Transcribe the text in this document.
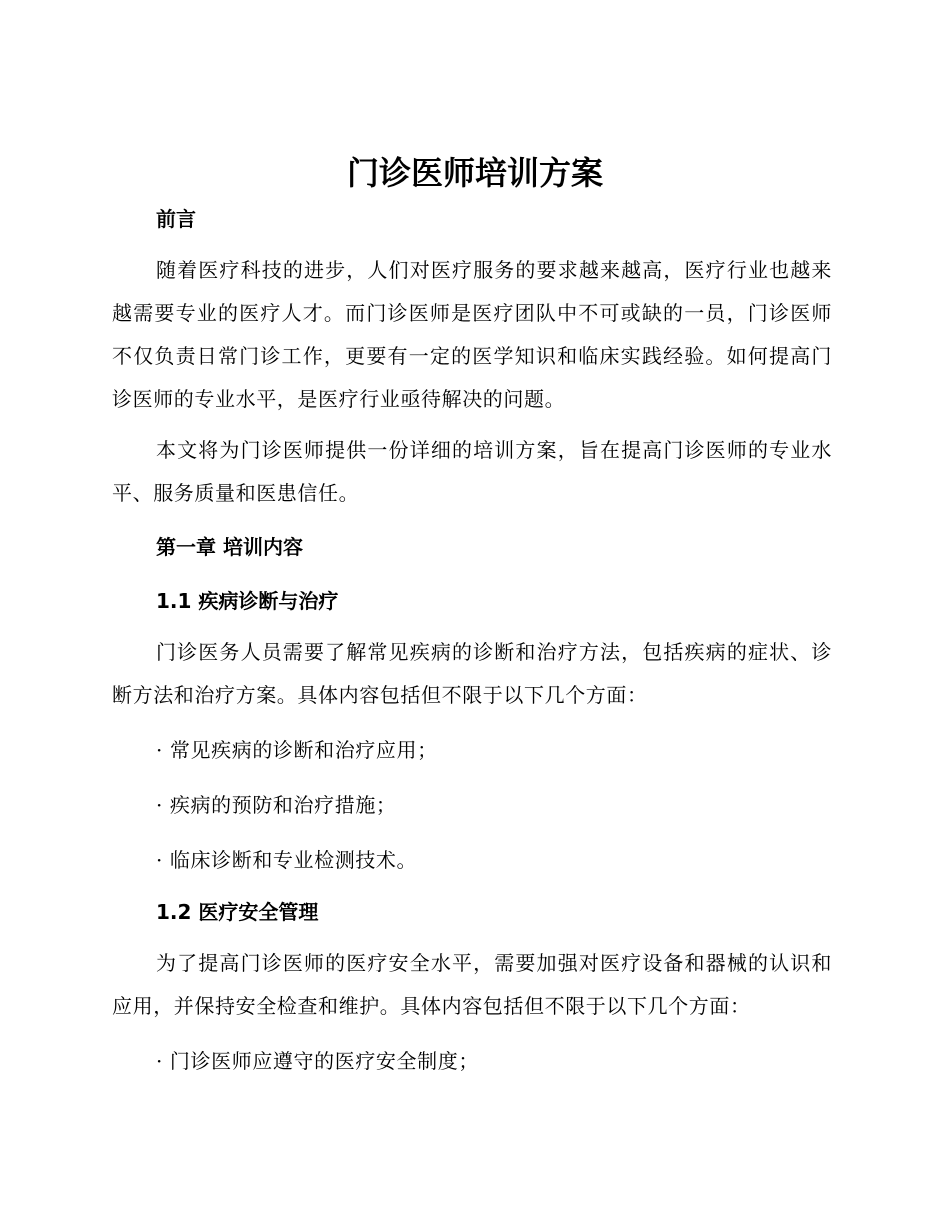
门诊医师培训方案
前言

随着医疗科技的进步，人们对医疗服务的要求越来越高，医疗行业也越来越需要专业的医疗人才。而门诊医师是医疗团队中不可或缺的一员，门诊医师不仅负责日常门诊工作，更要有一定的医学知识和临床实践经验。如何提高门诊医师的专业水平，是医疗行业亟待解决的问题。

本文将为门诊医师提供一份详细的培训方案，旨在提高门诊医师的专业水平、服务质量和医患信任。

第一章 培训内容
1.1 疾病诊断与治疗

门诊医务人员需要了解常见疾病的诊断和治疗方法，包括疾病的症状、诊断方法和治疗方案。具体内容包括但不限于以下几个方面：

· 常见疾病的诊断和治疗应用；

· 疾病的预防和治疗措施；

· 临床诊断和专业检测技术。

1.2 医疗安全管理

为了提高门诊医师的医疗安全水平，需要加强对医疗设备和器械的认识和应用，并保持安全检查和维护。具体内容包括但不限于以下几个方面：

· 门诊医师应遵守的医疗安全制度；
